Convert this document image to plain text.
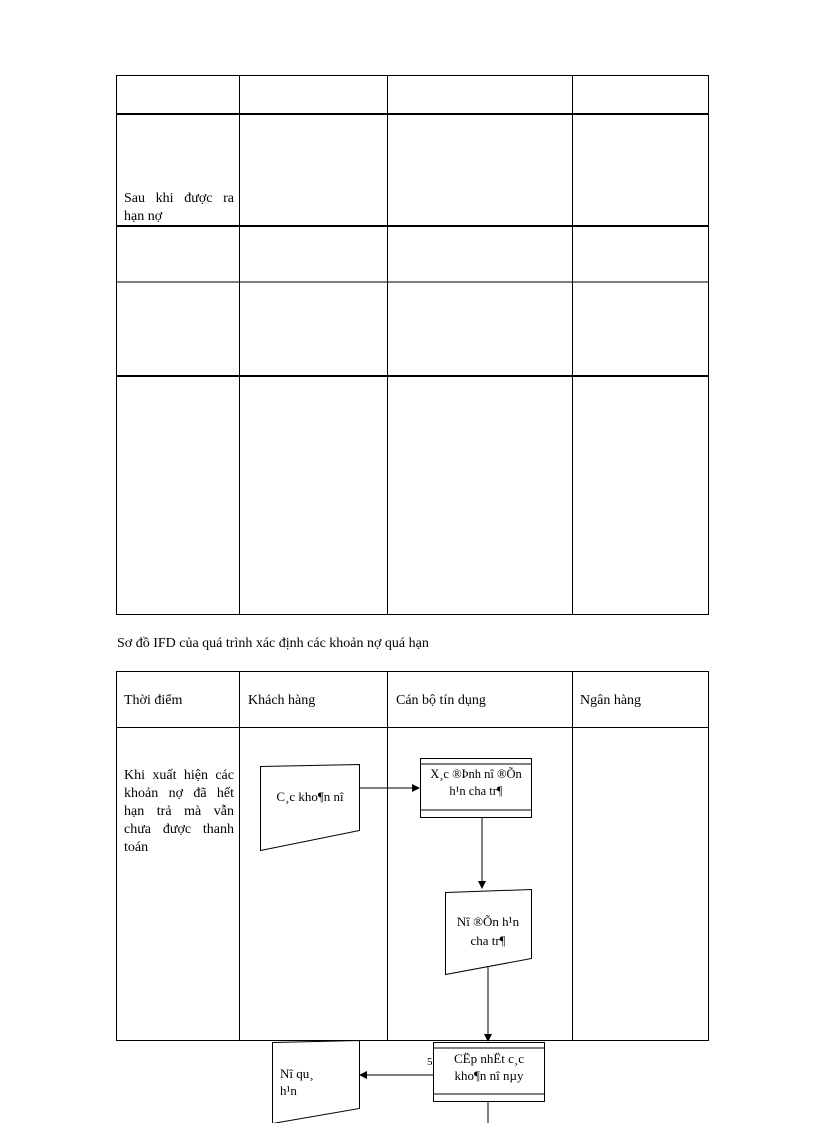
Sau khi được ra hạn nợ
Sơ đồ IFD của quá trình xác định các khoản nợ quá hạn
Thời điểm	Khách hàng	Cán bộ tín dụng	Ngân hàng
Khi xuất hiện các khoản nợ đã hết hạn trả mà vẫn chưa được thanh toán
C¸c kho¶n nî
X¸c ®Þnh nî ®Õn h¹n cha tr¶
Nî ®Õn h¹n cha tr¶
CËp nhËt c¸c kho¶n nî nµy
Nî qu¸ h¹n
5
